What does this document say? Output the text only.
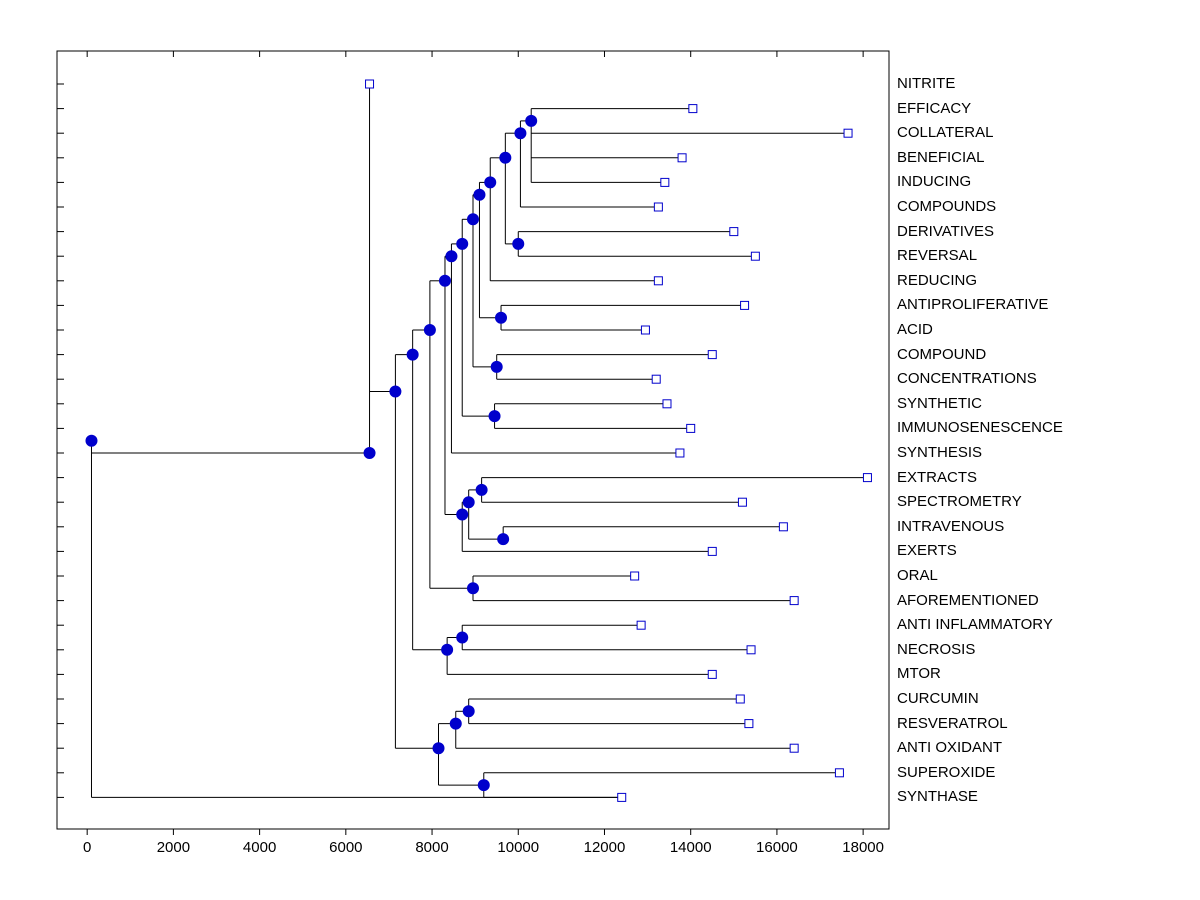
0	2000	4000	6000	8000	10000	12000	14000	16000	18000
NITRITE
EFFICACY
COLLATERAL
BENEFICIAL
INDUCING
COMPOUNDS
DERIVATIVES
REVERSAL
REDUCING
ANTIPROLIFERATIVE
ACID
COMPOUND
CONCENTRATIONS
SYNTHETIC
IMMUNOSENESCENCE
SYNTHESIS
EXTRACTS
SPECTROMETRY
INTRAVENOUS
EXERTS
ORAL
AFOREMENTIONED
ANTI INFLAMMATORY
NECROSIS
MTOR
CURCUMIN
RESVERATROL
ANTI OXIDANT
SUPEROXIDE
SYNTHASE
